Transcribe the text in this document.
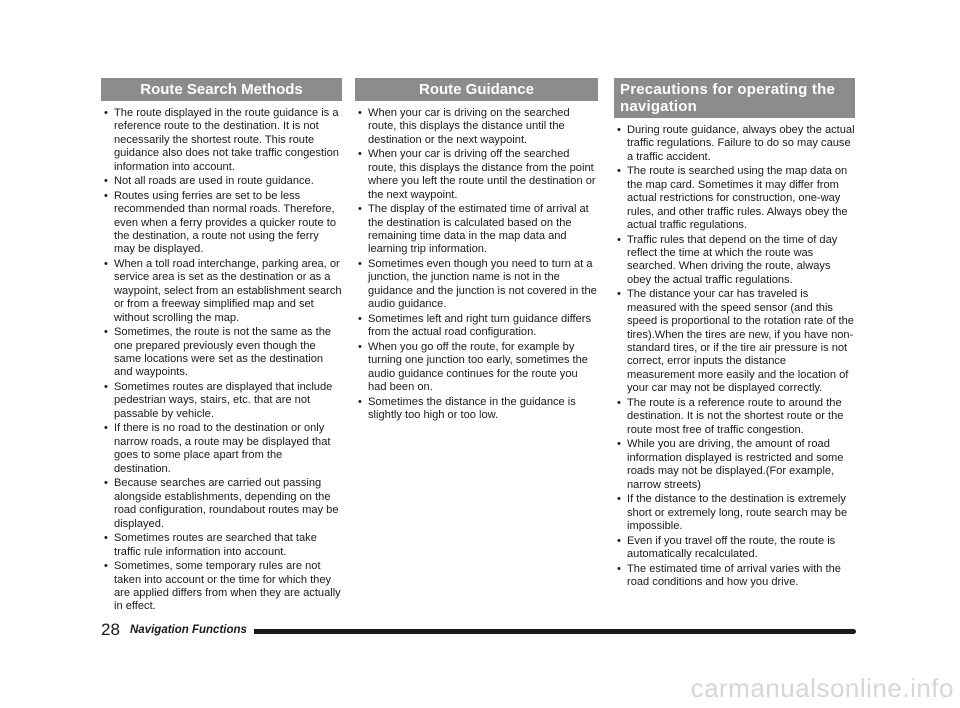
Route Search Methods
• The route displayed in the route guidance is a reference route to the destination. It is not necessarily the shortest route. This route guidance also does not take traffic congestion information into account.
• Not all roads are used in route guidance.
• Routes using ferries are set to be less recommended than normal roads. Therefore, even when a ferry provides a quicker route to the destination, a route not using the ferry may be displayed.
• When a toll road interchange, parking area, or service area is set as the destination or as a waypoint, select from an establishment search or from a freeway simplified map and set without scrolling the map.
• Sometimes, the route is not the same as the one prepared previously even though the same locations were set as the destination and waypoints.
• Sometimes routes are displayed that include pedestrian ways, stairs, etc. that are not passable by vehicle.
• If there is no road to the destination or only narrow roads, a route may be displayed that goes to some place apart from the destination.
• Because searches are carried out passing alongside establishments, depending on the road configuration, roundabout routes may be displayed.
• Sometimes routes are searched that take traffic rule information into account.
• Sometimes, some temporary rules are not taken into account or the time for which they are applied differs from when they are actually in effect.
Route Guidance
• When your car is driving on the searched route, this displays the distance until the destination or the next waypoint.
• When your car is driving off the searched route, this displays the distance from the point where you left the route until the destination or the next waypoint.
• The display of the estimated time of arrival at the destination is calculated based on the remaining time data in the map data and learning trip information.
• Sometimes even though you need to turn at a junction, the junction name is not in the guidance and the junction is not covered in the audio guidance.
• Sometimes left and right turn guidance differs from the actual road configuration.
• When you go off the route, for example by turning one junction too early, sometimes the audio guidance continues for the route you had been on.
• Sometimes the distance in the guidance is slightly too high or too low.
Precautions for operating the navigation
• During route guidance, always obey the actual traffic regulations. Failure to do so may cause a traffic accident.
• The route is searched using the map data on the map card. Sometimes it may differ from actual restrictions for construction, one-way rules, and other traffic rules. Always obey the actual traffic regulations.
• Traffic rules that depend on the time of day reflect the time at which the route was searched. When driving the route, always obey the actual traffic regulations.
• The distance your car has traveled is measured with the speed sensor (and this speed is proportional to the rotation rate of the tires).When the tires are new, if you have non-standard tires, or if the tire air pressure is not correct, error inputs the distance measurement more easily and the location of your car may not be displayed correctly.
• The route is a reference route to around the destination. It is not the shortest route or the route most free of traffic congestion.
• While you are driving, the amount of road information displayed is restricted and some roads may not be displayed.(For example, narrow streets)
• If the distance to the destination is extremely short or extremely long, route search may be impossible.
• Even if you travel off the route, the route is automatically recalculated.
• The estimated time of arrival varies with the road conditions and how you drive.
28 Navigation Functions
carmanualsonline.info
